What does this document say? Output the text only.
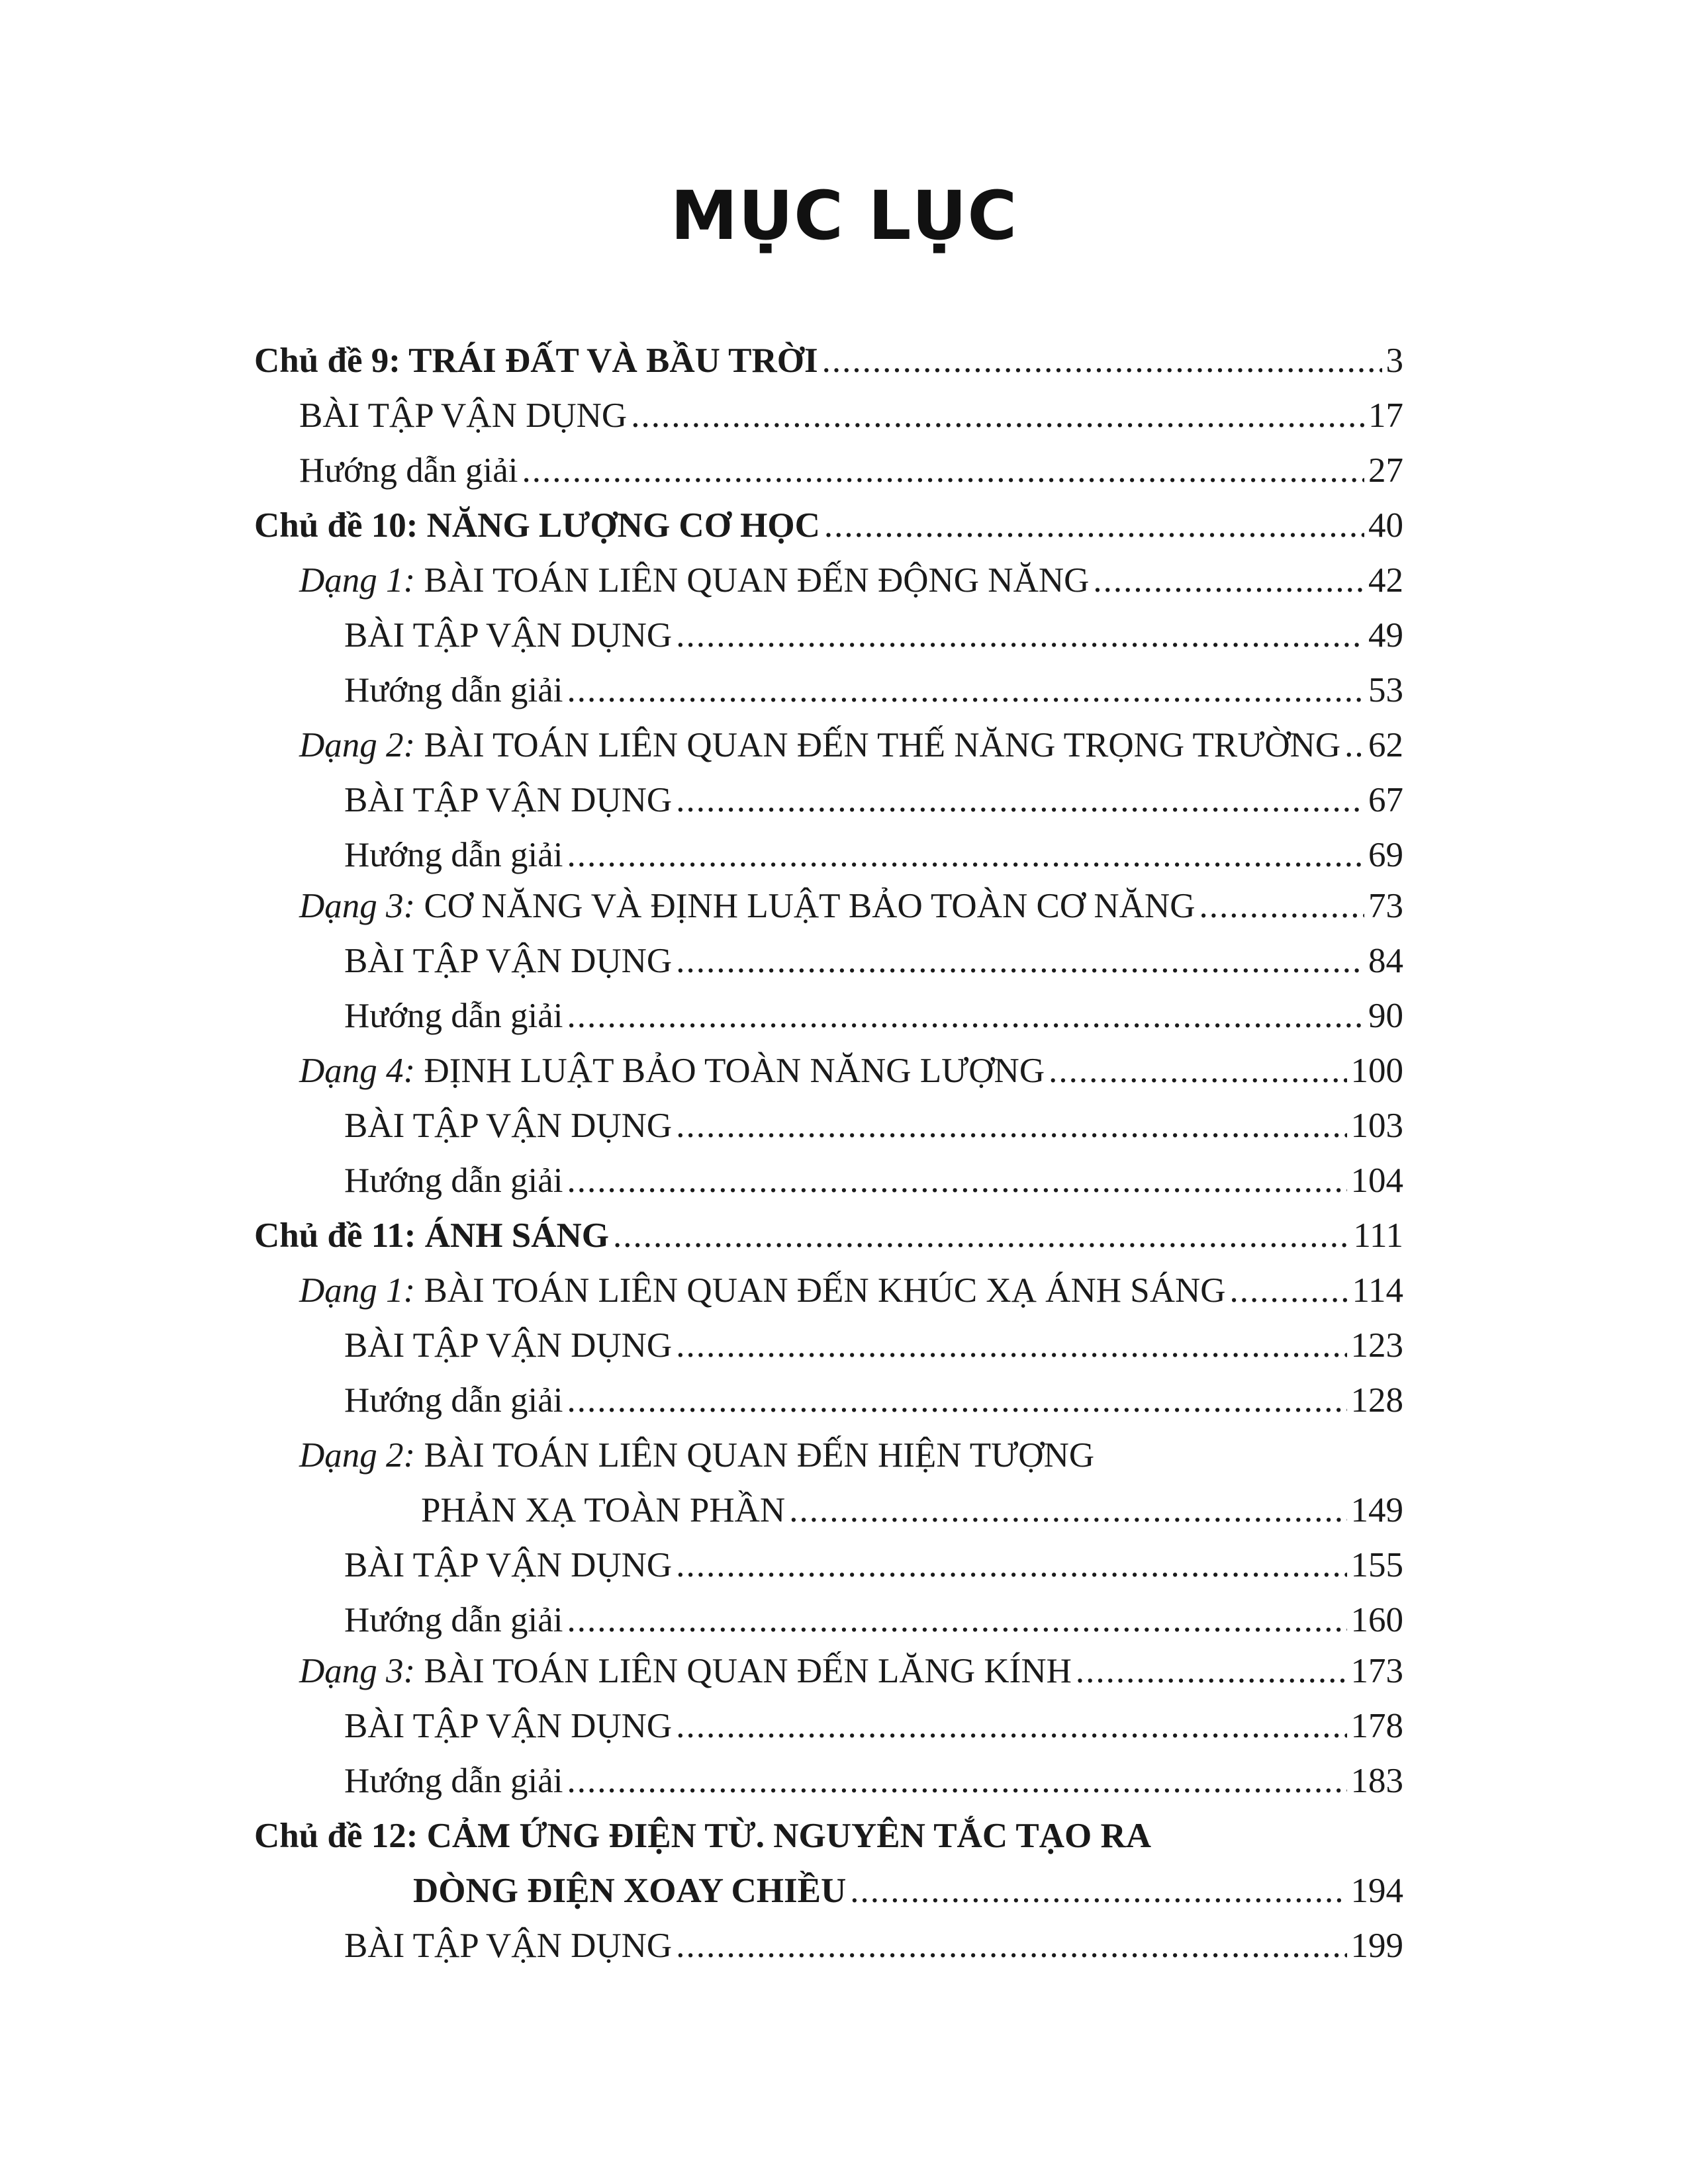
MỤC LỤC
Chủ đề 9: TRÁI ĐẤT VÀ BẦU TRỜI .....	3
BÀI TẬP VẬN DỤNG .....	17
Hướng dẫn giải .....	27
Chủ đề 10: NĂNG LƯỢNG CƠ HỌC .....	40
Dạng 1: BÀI TOÁN LIÊN QUAN ĐẾN ĐỘNG NĂNG .....	42
BÀI TẬP VẬN DỤNG .....	49
Hướng dẫn giải .....	53
Dạng 2: BÀI TOÁN LIÊN QUAN ĐẾN THẾ NĂNG TRỌNG TRƯỜNG ..... 62
BÀI TẬP VẬN DỤNG .....	67
Hướng dẫn giải .....	69
Dạng 3: CƠ NĂNG VÀ ĐỊNH LUẬT BẢO TOÀN CƠ NĂNG .....	73
BÀI TẬP VẬN DỤNG .....	84
Hướng dẫn giải .....	90
Dạng 4: ĐỊNH LUẬT BẢO TOÀN NĂNG LƯỢNG .....	100
BÀI TẬP VẬN DỤNG .....	103
Hướng dẫn giải .....	104
Chủ đề 11: ÁNH SÁNG .....	111
Dạng 1: BÀI TOÁN LIÊN QUAN ĐẾN KHÚC XẠ ÁNH SÁNG .....	114
BÀI TẬP VẬN DỤNG .....	123
Hướng dẫn giải .....	128
Dạng 2: BÀI TOÁN LIÊN QUAN ĐẾN HIỆN TƯỢNG
PHẢN XẠ TOÀN PHẦN .....	149
BÀI TẬP VẬN DỤNG .....	155
Hướng dẫn giải .....	160
Dạng 3: BÀI TOÁN LIÊN QUAN ĐẾN LĂNG KÍNH .....	173
BÀI TẬP VẬN DỤNG .....	178
Hướng dẫn giải .....	183
Chủ đề 12: CẢM ỨNG ĐIỆN TỪ. NGUYÊN TẮC TẠO RA
DÒNG ĐIỆN XOAY CHIỀU .....	194
BÀI TẬP VẬN DỤNG .....	199
